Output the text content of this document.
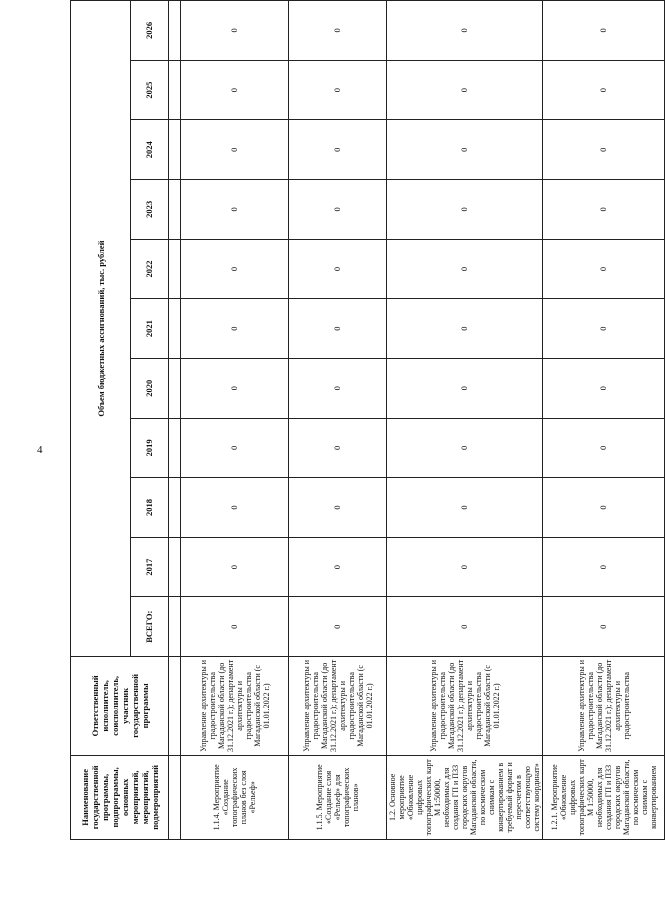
4
Наименование государственной программы, подпрограммы, основных мероприятий, мероприятий, подмероприятий	Ответственный исполнитель, соисполнитель, участник государственной программы	Объем бюджетных ассигнований, тыс. рублей										
		ВСЕГО:	2017	2018	2019	2020	2021	2022	2023	2024	2025	2026

1.1.4. Мероприятие «Создание топографических планов без слоя «Рельеф»	Управление архитектуры и градостроительства Магаданской области (до 31.12.2021 г.); департамент архитектуры и градостроительства Магаданской области (с 01.01.2022 г.)	0	0	0	0	0	0	0	0	0	0	0
1.1.5. Мероприятие «Создание слоя «Рельеф» для топографических планов»	Управление архитектуры и градостроительства Магаданской области (до 31.12.2021 г.); департамент архитектуры и градостроительства Магаданской области (с 01.01.2022 г.)	0	0	0	0	0	0	0	0	0	0	0
1.2. Основное мероприятие «Обновление цифровых топографических карт М 1:50000, необходимых для создания ГП и ПЗЗ городских округов Магаданской области, по космическим снимкам с конвертированием в требуемый формат и пересчетом в соответствующую систему координат»	Управление архитектуры и градостроительства Магаданской области (до 31.12.2021 г.); департамент архитектуры и градостроительства Магаданской области (с 01.01.2022 г.)	0	0	0	0	0	0	0	0	0	0	0
1.2.1. Мероприятие «Обновление цифровых топографических карт М 1:50000, необходимых для создания ГП и ПЗЗ городских округов Магаданской области, по космическим снимкам с конвертированием	Управление архитектуры и градостроительства Магаданской области (до 31.12.2021 г.); департамент архитектуры и градостроительства	0	0	0	0	0	0	0	0	0	0	0
